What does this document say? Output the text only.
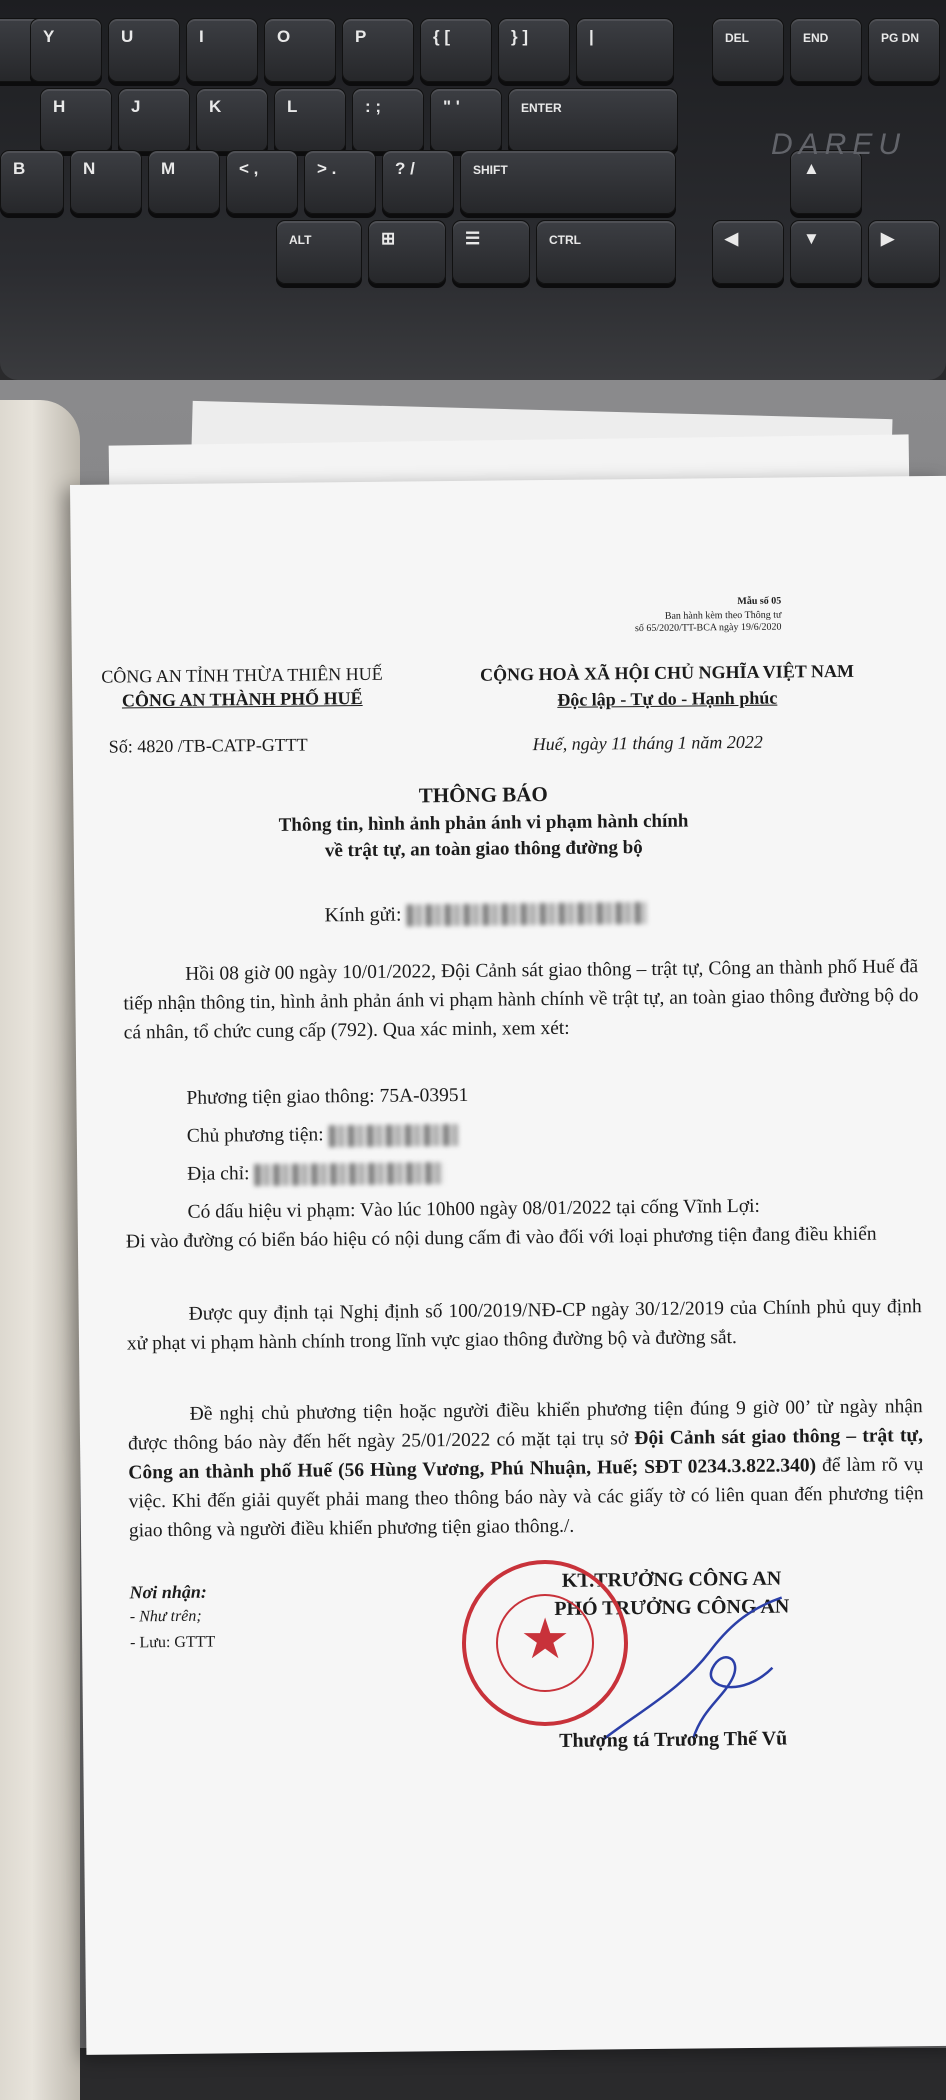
Y	U	I	O	P	{ [	} ]	|	DEL	END	PG DN
H	J	K	L	: ;	" '	ENTER
B	N	M	< ,	> .	? /	SHIFT	▲
ALT	⊞	☰	CTRL	◀	▼	▶
DAREU

Mẫu số 05

Ban hành kèm theo Thông tư

số 65/2020/TT-BCA ngày 19/6/2020

CÔNG AN TỈNH THỪA THIÊN HUẾ

CÔNG AN THÀNH PHỐ HUẾ

CỘNG HOÀ XÃ HỘI CHỦ NGHĨA VIỆT NAM

Độc lập - Tự do - Hạnh phúc

Số: 4820 /TB-CATP-GTTT	Huế, ngày 11 tháng 1 năm 2022

THÔNG BÁO

Thông tin, hình ảnh phản ánh vi phạm hành chính

về trật tự, an toàn giao thông đường bộ

Kính gửi:

Hồi 08 giờ 00 ngày 10/01/2022, Đội Cảnh sát giao thông – trật tự, Công an thành phố Huế đã tiếp nhận thông tin, hình ảnh phản ánh vi phạm hành chính về trật tự, an toàn giao thông đường bộ do cá nhân, tổ chức cung cấp (792). Qua xác minh, xem xét:

Phương tiện giao thông: 75A-03951

Chủ phương tiện:

Địa chỉ:

Có dấu hiệu vi phạm: Vào lúc 10h00 ngày 08/01/2022 tại cống Vĩnh Lợi:

Đi vào đường có biển báo hiệu có nội dung cấm đi vào đối với loại phương tiện đang điều khiển

Được quy định tại Nghị định số 100/2019/NĐ-CP ngày 30/12/2019 của Chính phủ quy định xử phạt vi phạm hành chính trong lĩnh vực giao thông đường bộ và đường sắt.

Đề nghị chủ phương tiện hoặc người điều khiển phương tiện đúng 9 giờ 00’ từ ngày nhận được thông báo này đến hết ngày 25/01/2022 có mặt tại trụ sở Đội Cảnh sát giao thông – trật tự, Công an thành phố Huế (56 Hùng Vương, Phú Nhuận, Huế; SĐT 0234.3.822.340) để làm rõ vụ việc. Khi đến giải quyết phải mang theo thông báo này và các giấy tờ có liên quan đến phương tiện giao thông và người điều khiển phương tiện giao thông./.

Nơi nhận:

- Như trên;

- Lưu: GTTT

KT.TRƯỞNG CÔNG AN

PHÓ TRƯỞNG CÔNG AN

Thượng tá Trương Thế Vũ

★
